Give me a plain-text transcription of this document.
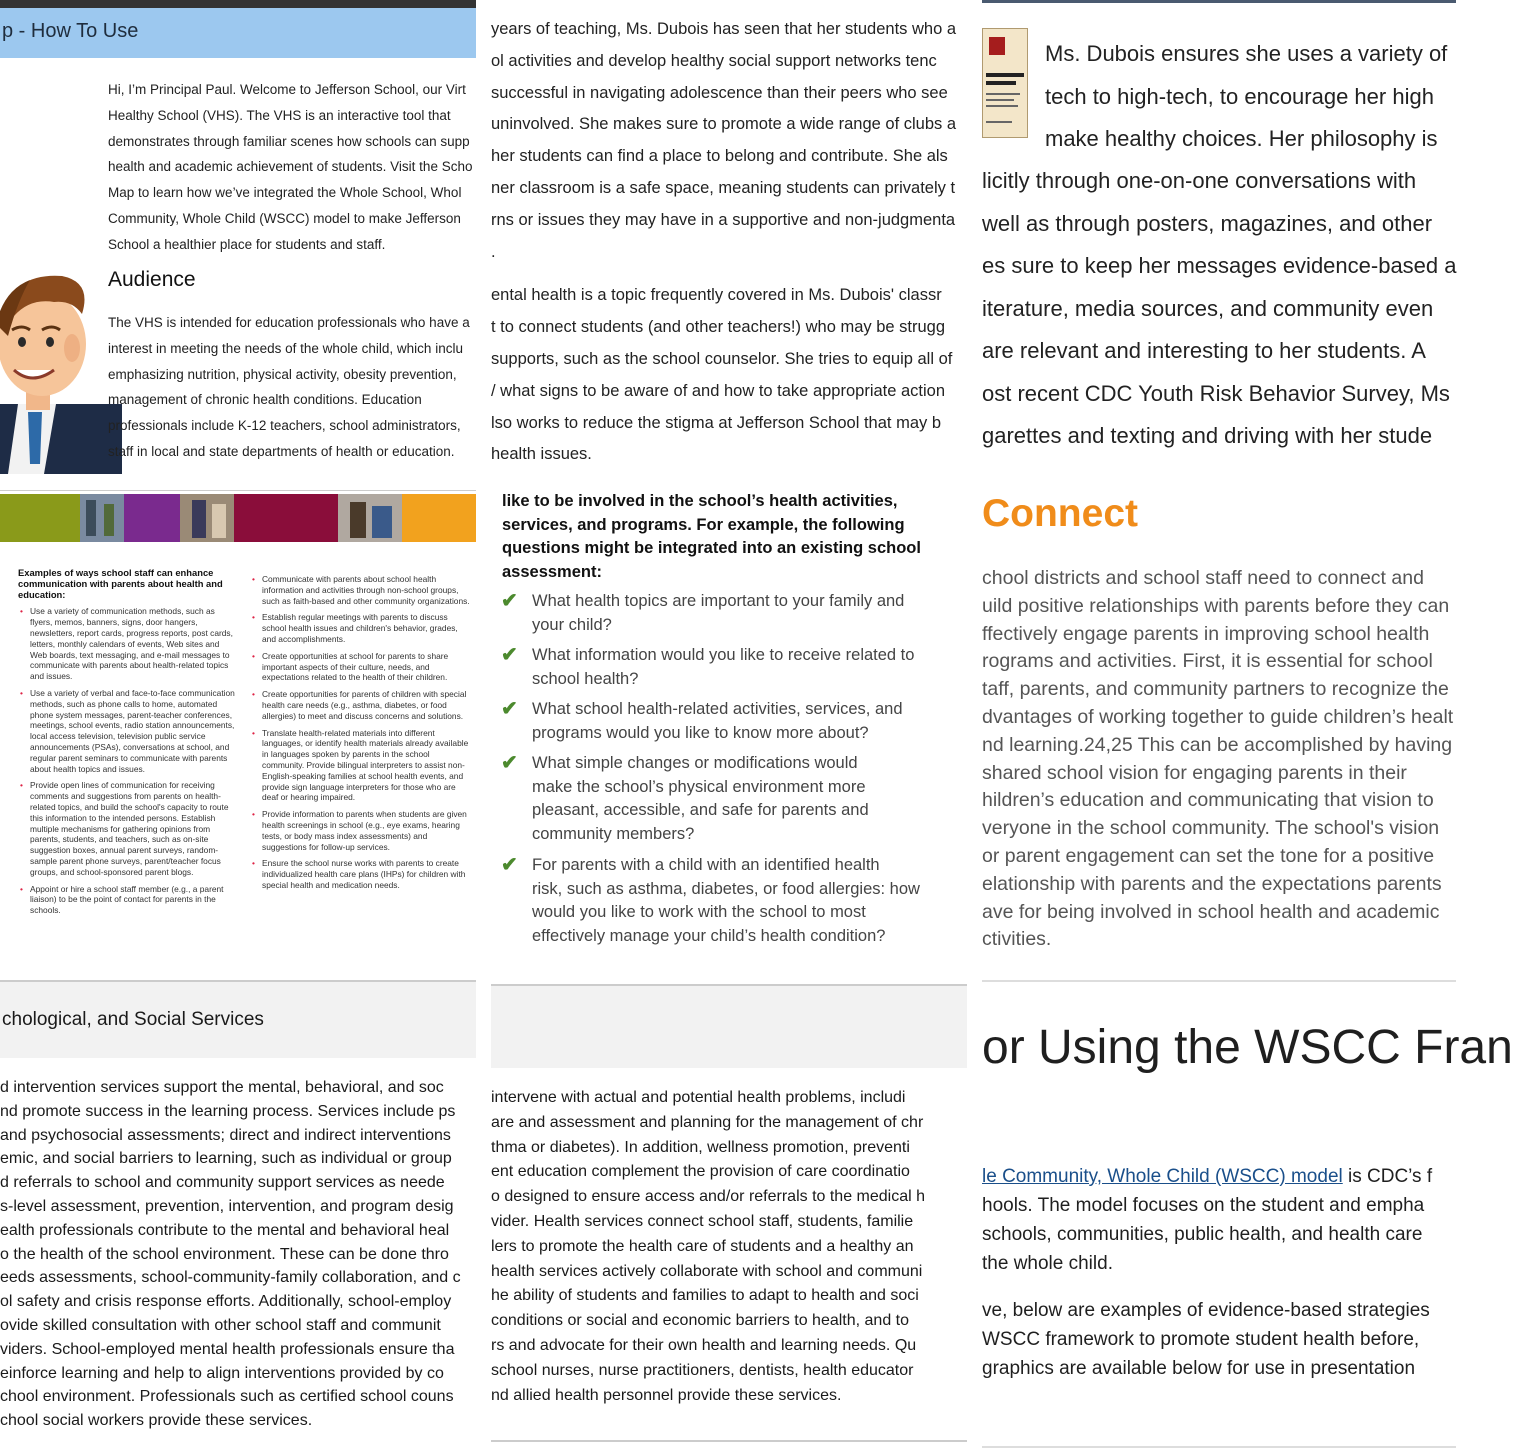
p - How To Use
Hi, I’m Principal Paul. Welcome to Jefferson School, our Virt
Healthy School (VHS). The VHS is an interactive tool that
demonstrates through familiar scenes how schools can supp
health and academic achievement of students. Visit the Scho
Map to learn how we’ve integrated the Whole School, Whol
Community, Whole Child (WSCC) model to make Jefferson
School a healthier place for students and staff.
Audience
The VHS is intended for education professionals who have a
interest in meeting the needs of the whole child, which inclu
emphasizing nutrition, physical activity, obesity prevention,
management of chronic health conditions. Education
professionals include K-12 teachers, school administrators,
staff in local and state departments of health or education.
years of teaching, Ms. Dubois has seen that her students who a
ol activities and develop healthy social support networks tenc
successful in navigating adolescence than their peers who see
uninvolved. She makes sure to promote a wide range of clubs a
her students can find a place to belong and contribute. She als
ner classroom is a safe space, meaning students can privately t
rns or issues they may have in a supportive and non-judgmenta
.
ental health is a topic frequently covered in Ms. Dubois' classr
t to connect students (and other teachers!) who may be strugg
supports, such as the school counselor. She tries to equip all of
/ what signs to be aware of and how to take appropriate action
lso works to reduce the stigma at Jefferson School that may b
health issues.
Ms. Dubois ensures she uses a variety of
tech to high-tech, to encourage her high
make healthy choices. Her philosophy is
licitly through one-on-one conversations with
well as through posters, magazines, and other
es sure to keep her messages evidence-based a
iterature, media sources, and community even
are relevant and interesting to her students. A
ost recent CDC Youth Risk Behavior Survey, Ms
garettes and texting and driving with her stude
Examples of ways school staff can enhance communication with parents about health and education:
• Use a variety of communication methods, such as flyers, memos, banners, signs, door hangers, newsletters, report cards, progress reports, post cards, letters, monthly calendars of events, Web sites and Web boards, text messaging, and e-mail messages to communicate with parents about health-related topics and issues.
• Use a variety of verbal and face-to-face communication methods, such as phone calls to home, automated phone system messages, parent-teacher conferences, meetings, school events, radio station announcements, local access television, television public service announcements (PSAs), conversations at school, and regular parent seminars to communicate with parents about health topics and issues.
• Provide open lines of communication for receiving comments and suggestions from parents on health-related topics, and build the school's capacity to route this information to the intended persons. Establish multiple mechanisms for gathering opinions from parents, students, and teachers, such as on-site suggestion boxes, annual parent surveys, random-sample parent phone surveys, parent/teacher focus groups, and school-sponsored parent blogs.
• Appoint or hire a school staff member (e.g., a parent liaison) to be the point of contact for parents in the schools.
• Communicate with parents about school health information and activities through non-school groups, such as faith-based and other community organizations.
• Establish regular meetings with parents to discuss school health issues and children's behavior, grades, and accomplishments.
• Create opportunities at school for parents to share important aspects of their culture, needs, and expectations related to the health of their children.
• Create opportunities for parents of children with special health care needs (e.g., asthma, diabetes, or food allergies) to meet and discuss concerns and solutions.
• Translate health-related materials into different languages, or identify health materials already available in languages spoken by parents in the school community. Provide bilingual interpreters to assist non-English-speaking families at school health events, and provide sign language interpreters for those who are deaf or hearing impaired.
• Provide information to parents when students are given health screenings in school (e.g., eye exams, hearing tests, or body mass index assessments) and suggestions for follow-up services.
• Ensure the school nurse works with parents to create individualized health care plans (IHPs) for children with special health and medication needs.
like to be involved in the school’s health activities,
services, and programs. For example, the following
questions might be integrated into an existing school
assessment:
✔ What health topics are important to your family and
your child?
✔ What information would you like to receive related to
school health?
✔ What school health-related activities, services, and
programs would you like to know more about?
✔ What simple changes or modifications would
make the school’s physical environment more
pleasant, accessible, and safe for parents and
community members?
✔ For parents with a child with an identified health
risk, such as asthma, diabetes, or food allergies: how
would you like to work with the school to most
effectively manage your child’s health condition?
Connect
chool districts and school staff need to connect and
uild positive relationships with parents before they can
ffectively engage parents in improving school health
rograms and activities. First, it is essential for school
taff, parents, and community partners to recognize the
dvantages of working together to guide children’s healt
nd learning.24,25 This can be accomplished by having
shared school vision for engaging parents in their
hildren’s education and communicating that vision to
veryone in the school community. The school's vision
or parent engagement can set the tone for a positive
elationship with parents and the expectations parents
ave for being involved in school health and academic
ctivities.
chological, and Social Services
d intervention services support the mental, behavioral, and soc
nd promote success in the learning process. Services include ps
and psychosocial assessments; direct and indirect interventions
emic, and social barriers to learning, such as individual or group
d referrals to school and community support services as neede
s-level assessment, prevention, intervention, and program desig
ealth professionals contribute to the mental and behavioral heal
o the health of the school environment. These can be done thro
eeds assessments, school-community-family collaboration, and c
ol safety and crisis response efforts. Additionally, school-employ
ovide skilled consultation with other school staff and communit
viders. School-employed mental health professionals ensure tha
einforce learning and help to align interventions provided by co
chool environment. Professionals such as certified school couns
chool social workers provide these services.
intervene with actual and potential health problems, includi
are and assessment and planning for the management of chr
thma or diabetes). In addition, wellness promotion, preventi
ent education complement the provision of care coordinatio
o designed to ensure access and/or referrals to the medical h
vider. Health services connect school staff, students, familie
lers to promote the health care of students and a healthy an
health services actively collaborate with school and communi
he ability of students and families to adapt to health and soci
conditions or social and economic barriers to health, and to
rs and advocate for their own health and learning needs. Qu
school nurses, nurse practitioners, dentists, health educator
nd allied health personnel provide these services.
or Using the WSCC Fran
le Community, Whole Child (WSCC) model is CDC’s f
hools. The model focuses on the student and empha
schools, communities, public health, and health care
the whole child.
ve, below are examples of evidence-based strategies
WSCC framework to promote student health before,
graphics are available below for use in presentation
